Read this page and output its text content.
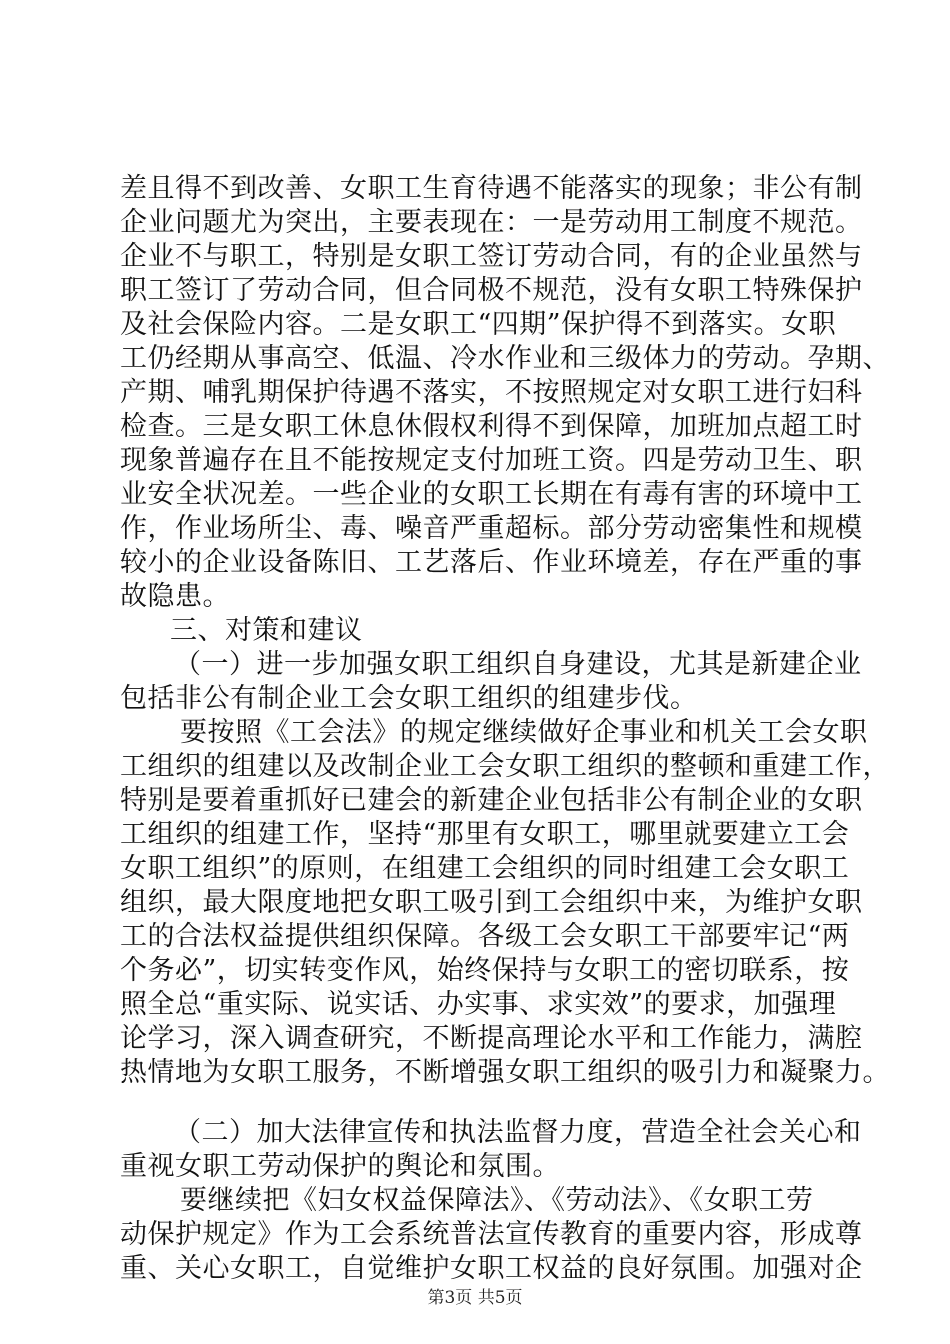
差且得不到改善、女职工生育待遇不能落实的现象；非公有制
企业问题尤为突出，主要表现在：一是劳动用工制度不规范。
企业不与职工，特别是女职工签订劳动合同，有的企业虽然与
职工签订了劳动合同，但合同极不规范，没有女职工特殊保护
及社会保险内容。二是女职工“四期”保护得不到落实。女职
工仍经期从事高空、低温、冷水作业和三级体力的劳动。孕期、
产期、哺乳期保护待遇不落实，不按照规定对女职工进行妇科
检查。三是女职工休息休假权利得不到保障，加班加点超工时
现象普遍存在且不能按规定支付加班工资。四是劳动卫生、职
业安全状况差。一些企业的女职工长期在有毒有害的环境中工
作，作业场所尘、毒、噪音严重超标。部分劳动密集性和规模
较小的企业设备陈旧、工艺落后、作业环境差，存在严重的事
故隐患。
三、对策和建议
（一）进一步加强女职工组织自身建设，尤其是新建企业
包括非公有制企业工会女职工组织的组建步伐。
要按照《工会法》的规定继续做好企事业和机关工会女职
工组织的组建以及改制企业工会女职工组织的整顿和重建工作，
特别是要着重抓好已建会的新建企业包括非公有制企业的女职
工组织的组建工作，坚持“那里有女职工，哪里就要建立工会
女职工组织”的原则，在组建工会组织的同时组建工会女职工
组织，最大限度地把女职工吸引到工会组织中来，为维护女职
工的合法权益提供组织保障。各级工会女职工干部要牢记“两
个务必”，切实转变作风，始终保持与女职工的密切联系，按
照全总“重实际、说实话、办实事、求实效”的要求，加强理
论学习，深入调查研究，不断提高理论水平和工作能力，满腔
热情地为女职工服务，不断增强女职工组织的吸引力和凝聚力。
（二）加大法律宣传和执法监督力度，营造全社会关心和
重视女职工劳动保护的舆论和氛围。
要继续把《妇女权益保障法》、《劳动法》、《女职工劳
动保护规定》作为工会系统普法宣传教育的重要内容，形成尊
重、关心女职工，自觉维护女职工权益的良好氛围。加强对企
第3页 共5页
